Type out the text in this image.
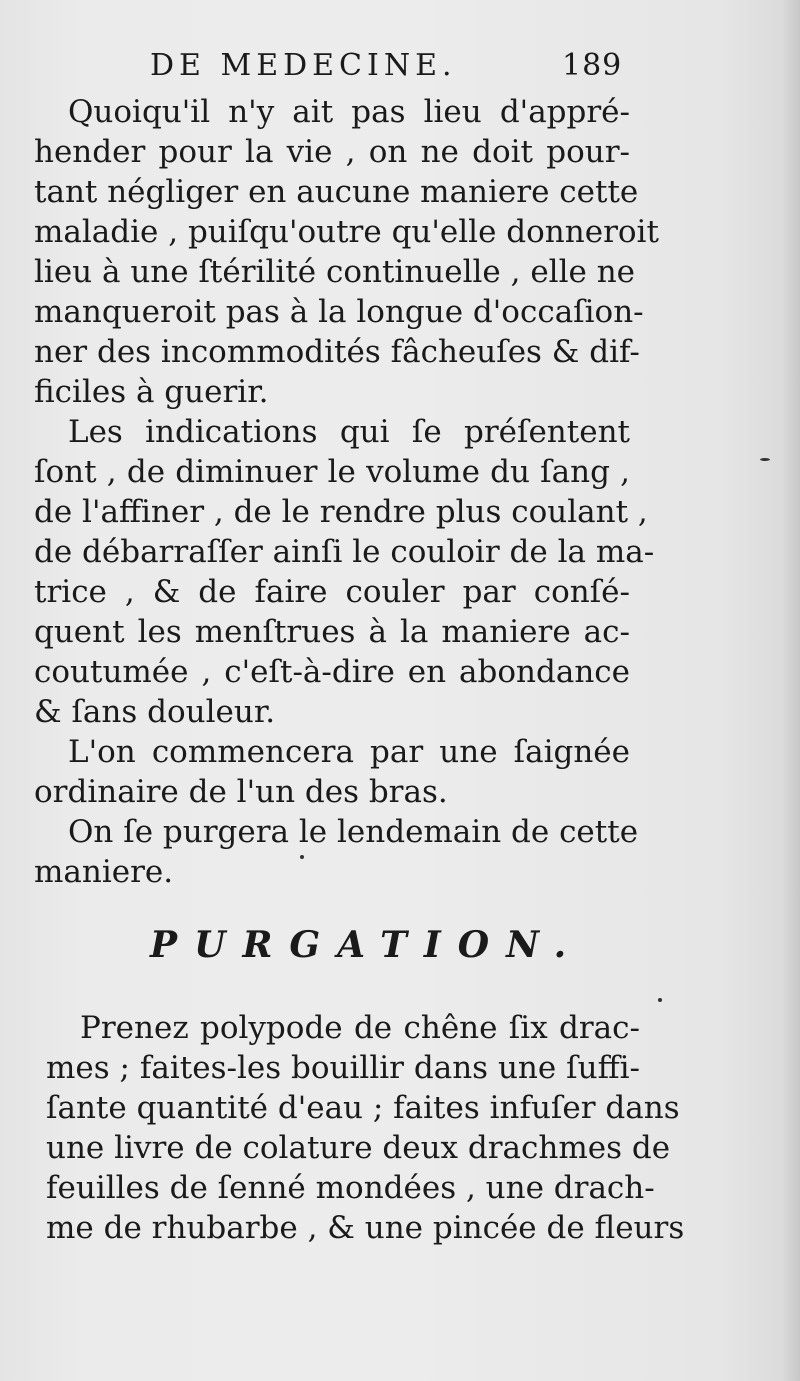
DE MEDECINE.	189
Quoiqu'il n'y ait pas lieu d'appré-
hender pour la vie , on ne doit pour-
tant négliger en aucune maniere cette
maladie , puiſqu'outre qu'elle donneroit
lieu à une ſtérilité continuelle , elle ne
manqueroit pas à la longue d'occaſion-
ner des incommodités fâcheuſes & dif-
ficiles à guerir.
Les indications qui ſe préſentent
ſont , de diminuer le volume du ſang ,
de l'affiner , de le rendre plus coulant ,
de débarraſſer ainſi le couloir de la ma-
trice , & de faire couler par conſé-
quent les menſtrues à la maniere ac-
coutumée , c'eſt-à-dire en abondance
& ſans douleur.
L'on commencera par une ſaignée
ordinaire de l'un des bras.
On ſe purgera le lendemain de cette
maniere.
PURGATION.
Prenez polypode de chêne ſix drac-
mes ; faites-les bouillir dans une ſuffi-
ſante quantité d'eau ; faites infuſer dans
une livre de colature deux drachmes de
feuilles de ſenné mondées , une drach-
me de rhubarbe , & une pincée de fleurs
